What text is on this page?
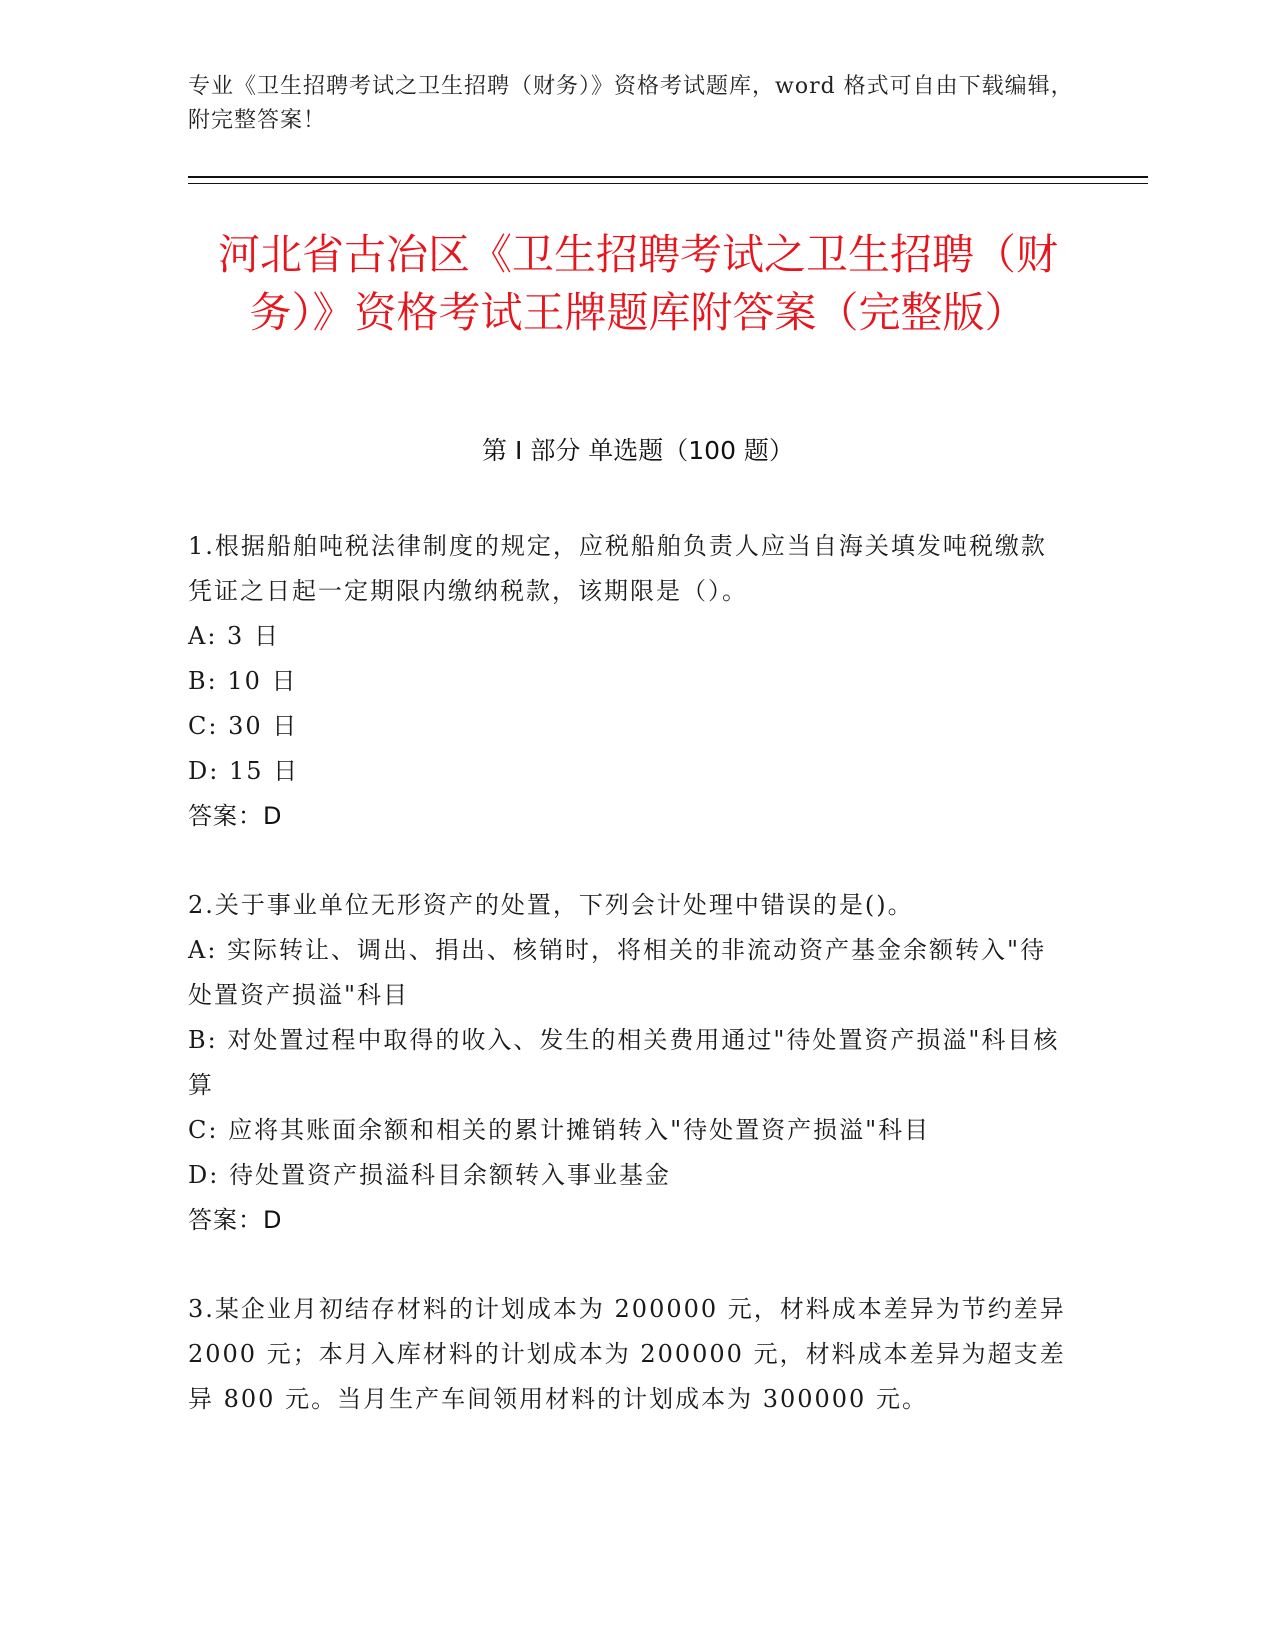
专业《卫生招聘考试之卫生招聘（财务）》资格考试题库，word 格式可自由下载编辑，附完整答案！
河北省古冶区《卫生招聘考试之卫生招聘（财务）》资格考试王牌题库附答案（完整版）
第 I 部分 单选题（100 题）

1.根据船舶吨税法律制度的规定，应税船舶负责人应当自海关填发吨税缴款凭证之日起一定期限内缴纳税款，该期限是（）。

A: 3 日

B: 10 日

C: 30 日

D: 15 日

答案：D

2.关于事业单位无形资产的处置，下列会计处理中错误的是()。

A: 实际转让、调出、捐出、核销时，将相关的非流动资产基金余额转入"待处置资产损溢"科目

B: 对处置过程中取得的收入、发生的相关费用通过"待处置资产损溢"科目核算

C: 应将其账面余额和相关的累计摊销转入"待处置资产损溢"科目

D: 待处置资产损溢科目余额转入事业基金

答案：D

3.某企业月初结存材料的计划成本为 200000 元，材料成本差异为节约差异 2000 元；本月入库材料的计划成本为 200000 元，材料成本差异为超支差异 800 元。当月生产车间领用材料的计划成本为 300000 元。
